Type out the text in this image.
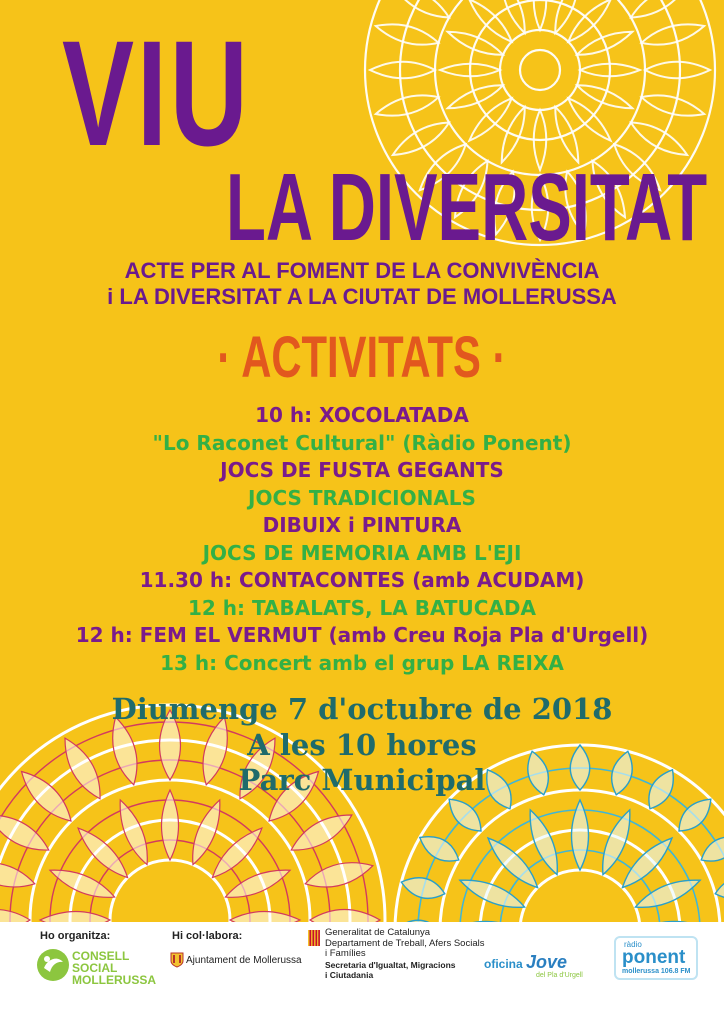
VIU
LA DIVERSITAT
ACTE PER AL FOMENT DE LA CONVIVÈNCIA
i LA DIVERSITAT A LA CIUTAT DE MOLLERUSSA
· ACTIVITATS ·
10 h: XOCOLATADA
"Lo Raconet Cultural" (Ràdio Ponent)
JOCS DE FUSTA GEGANTS
JOCS TRADICIONALS
DIBUIX i PINTURA
JOCS DE MEMORIA AMB L'EJI
11.30 h: CONTACONTES (amb ACUDAM)
12 h: TABALATS, LA BATUCADA
12 h: FEM EL VERMUT (amb Creu Roja Pla d'Urgell)
13 h: Concert amb el grup LA REIXA
Diumenge 7 d'octubre de 2018
A les 10 hores
Parc Municipal
Ho organitza:	Hi col·labora:
CONSELL
SOCIAL
MOLLERUSSA
Ajuntament de Mollerussa
Generalitat de Catalunya
Departament de Treball, Afers Socials
i Famílies
Secretaria d'Igualtat, Migracions
i Ciutadania
oficina Jove
del Pla d'Urgell
ràdio
ponent
mollerussa 106.8 FM
